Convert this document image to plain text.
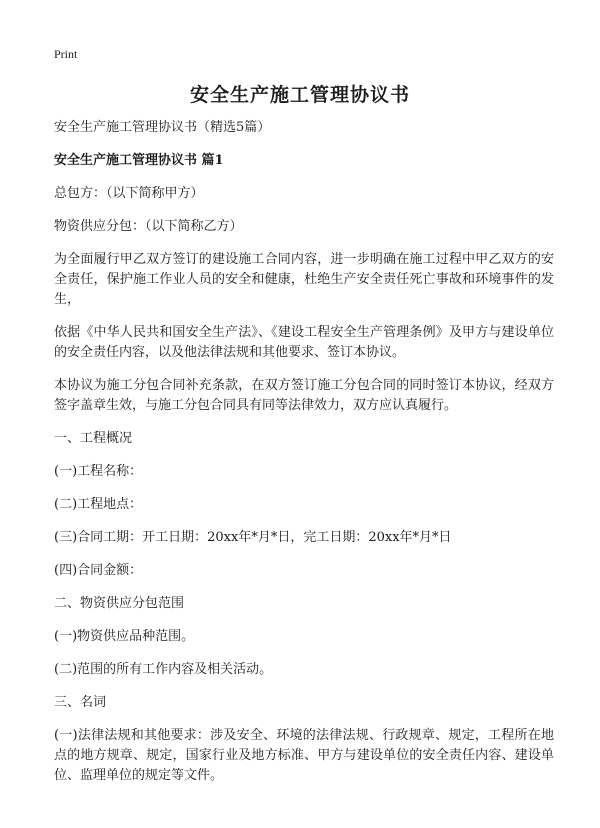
Print
安全生产施工管理协议书
安全生产施工管理协议书（精选5篇）
安全生产施工管理协议书 篇1
总包方：（以下简称甲方）
物资供应分包：（以下简称乙方）
为全面履行甲乙双方签订的建设施工合同内容，进一步明确在施工过程中甲乙双方的安全责任，保护施工作业人员的安全和健康，杜绝生产安全责任死亡事故和环境事件的发生，
依据《中华人民共和国安全生产法》、《建设工程安全生产管理条例》及甲方与建设单位的安全责任内容，以及他法律法规和其他要求、签订本协议。
本协议为施工分包合同补充条款，在双方签订施工分包合同的同时签订本协议，经双方签字盖章生效，与施工分包合同具有同等法律效力，双方应认真履行。
一、工程概况
(一)工程名称：
(二)工程地点：
(三)合同工期：开工日期：20xx年*月*日，完工日期：20xx年*月*日
(四)合同金额：
二、物资供应分包范围
(一)物资供应品种范围。
(二)范围的所有工作内容及相关活动。
三、名词
(一)法律法规和其他要求：涉及安全、环境的法律法规、行政规章、规定，工程所在地点的地方规章、规定，国家行业及地方标准、甲方与建设单位的安全责任内容、建设单位、监理单位的规定等文件。
